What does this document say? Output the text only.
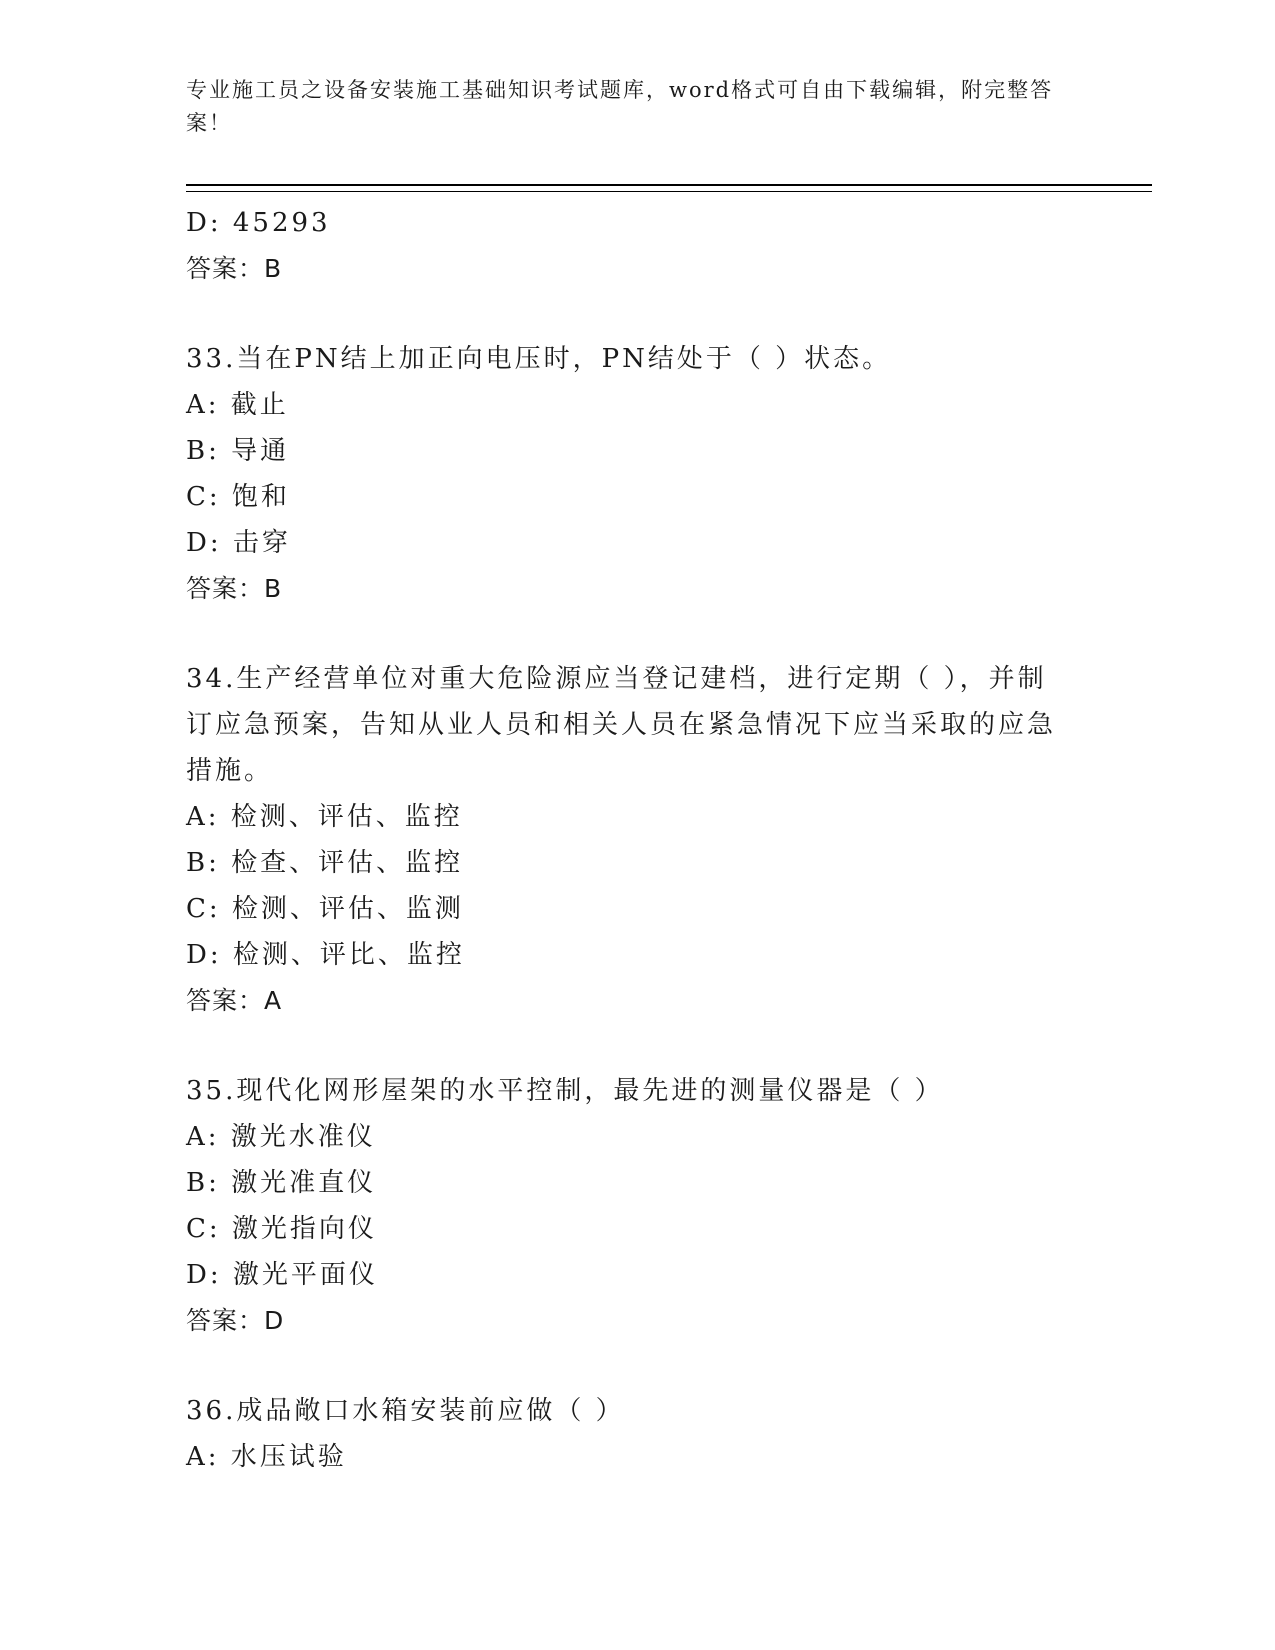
专业施工员之设备安装施工基础知识考试题库，word格式可自由下载编辑，附完整答案！
D: 45293
答案：B
33.当在PN结上加正向电压时，PN结处于（ ）状态。
A: 截止
B: 导通
C: 饱和
D: 击穿
答案：B
34.生产经营单位对重大危险源应当登记建档，进行定期（ ），并制订应急预案，告知从业人员和相关人员在紧急情况下应当采取的应急措施。
A: 检测、评估、监控
B: 检查、评估、监控
C: 检测、评估、监测
D: 检测、评比、监控
答案：A
35.现代化网形屋架的水平控制，最先进的测量仪器是（ ）
A: 激光水准仪
B: 激光准直仪
C: 激光指向仪
D: 激光平面仪
答案：D
36.成品敞口水箱安装前应做（ ）
A: 水压试验
